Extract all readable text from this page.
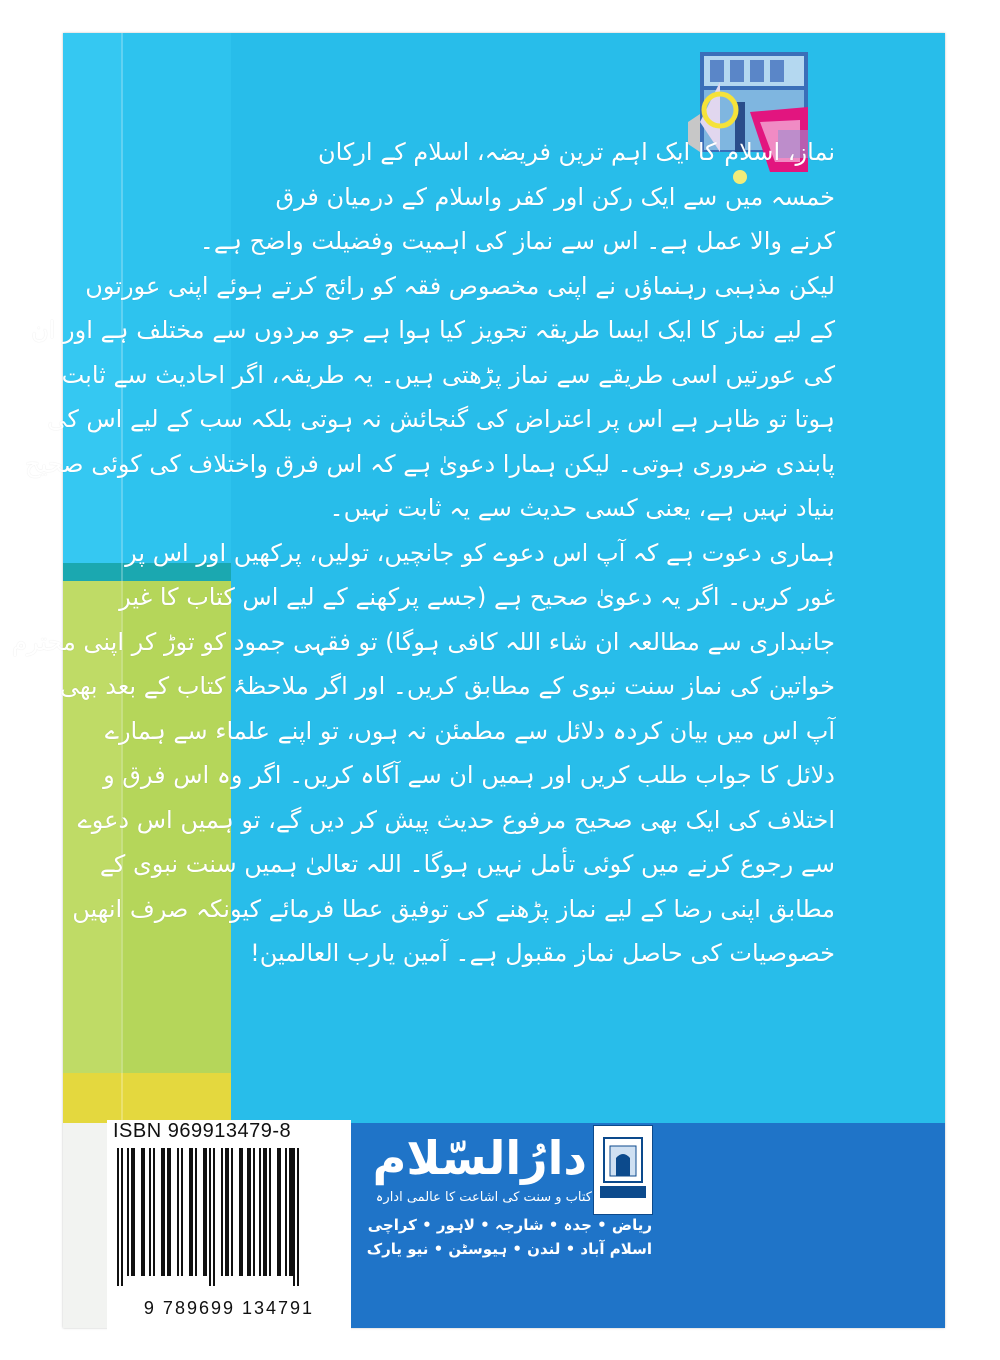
نماز، اسلام کا ایک اہم ترین فریضہ، اسلام کے ارکان
خمسہ میں سے ایک رکن اور کفر واسلام کے درمیان فرق
کرنے والا عمل ہے۔ اس سے نماز کی اہمیت وفضیلت واضح ہے۔
لیکن مذہبی رہنماؤں نے اپنی مخصوص فقہ کو رائج کرتے ہوئے اپنی عورتوں
کے لیے نماز کا ایک ایسا طریقہ تجویز کیا ہوا ہے جو مردوں سے مختلف ہے اور ان
کی عورتیں اسی طریقے سے نماز پڑھتی ہیں۔ یہ طریقہ، اگر احادیث سے ثابت
ہوتا تو ظاہر ہے اس پر اعتراض کی گنجائش نہ ہوتی بلکہ سب کے لیے اس کی
پابندی ضروری ہوتی۔ لیکن ہمارا دعویٰ ہے کہ اس فرق واختلاف کی کوئی صحیح
بنیاد نہیں ہے، یعنی کسی حدیث سے یہ ثابت نہیں۔
ہماری دعوت ہے کہ آپ اس دعوے کو جانچیں، تولیں، پرکھیں اور اس پر
غور کریں۔ اگر یہ دعویٰ صحیح ہے (جسے پرکھنے کے لیے اس کتاب کا غیر
جانبداری سے مطالعہ ان شاء اللہ کافی ہوگا) تو فقہی جمود کو توڑ کر اپنی محترم
خواتین کی نماز سنت نبوی کے مطابق کریں۔ اور اگر ملاحظۂ کتاب کے بعد بھی
آپ اس میں بیان کردہ دلائل سے مطمئن نہ ہوں، تو اپنے علماء سے ہمارے
دلائل کا جواب طلب کریں اور ہمیں ان سے آگاہ کریں۔ اگر وہ اس فرق و
اختلاف کی ایک بھی صحیح مرفوع حدیث پیش کر دیں گے، تو ہمیں اس دعوے
سے رجوع کرنے میں کوئی تأمل نہیں ہوگا۔ اللہ تعالیٰ ہمیں سنت نبوی کے
مطابق اپنی رضا کے لیے نماز پڑھنے کی توفیق عطا فرمائے کیونکہ صرف انھیں
خصوصیات کی حاصل نماز مقبول ہے۔ آمین یارب العالمین!
ISBN 969913479-8
9 789699 134791
دارُالسّلام
کتاب و سنت کی اشاعت کا عالمی ادارہ
ریاض • جدہ • شارجہ • لاہور • کراچی
اسلام آباد • لندن • ہیوسٹن • نیو یارک
